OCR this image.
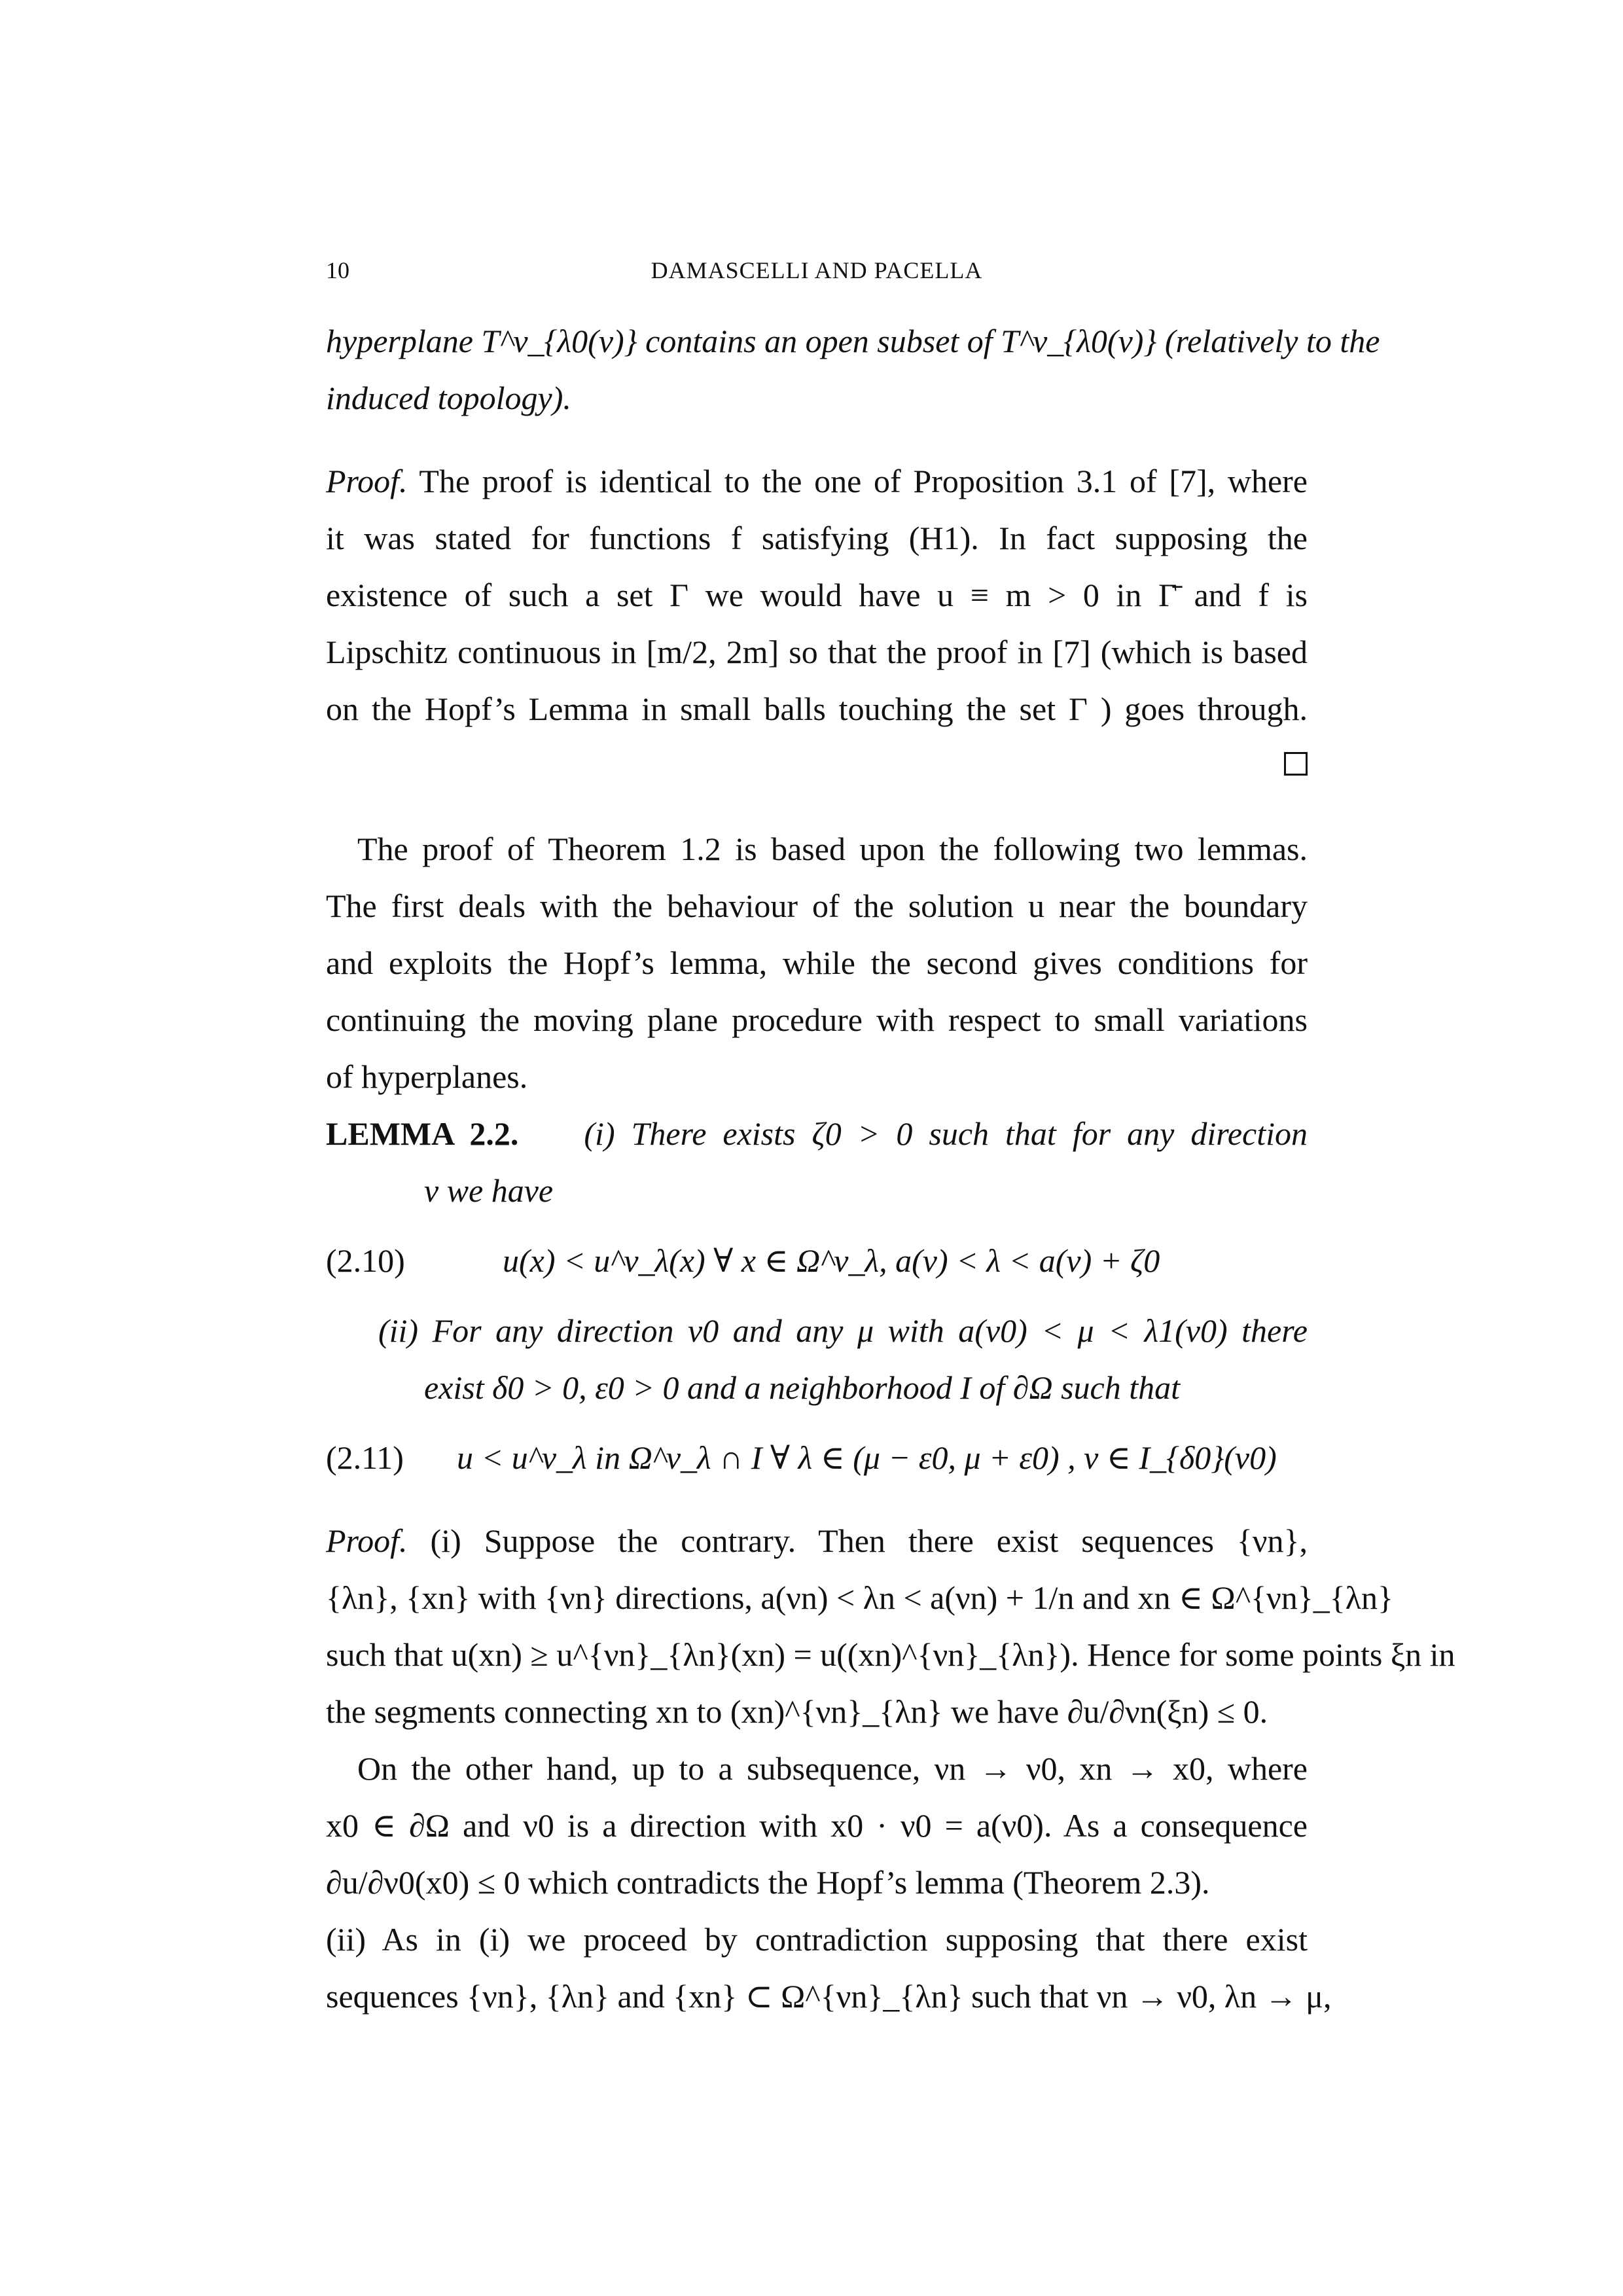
10	DAMASCELLI AND PACELLA
hyperplane T^ν_{λ0(ν)} contains an open subset of T^ν_{λ0(ν)} (relatively to the
induced topology).
Proof. The proof is identical to the one of Proposition 3.1 of [7], where
it was stated for functions f satisfying (H1). In fact supposing the
existence of such a set Γ we would have u ≡ m > 0 in Γ̄ and f is
Lipschitz continuous in [m/2, 2m] so that the proof in [7] (which is based
on the Hopf’s Lemma in small balls touching the set Γ ) goes through.
The proof of Theorem 1.2 is based upon the following two lemmas.
The first deals with the behaviour of the solution u near the boundary
and exploits the Hopf’s lemma, while the second gives conditions for
continuing the moving plane procedure with respect to small variations
of hyperplanes.
LEMMA 2.2. (i) There exists ζ0 > 0 such that for any direction
ν we have
(2.10)	u(x) < u^ν_λ(x) ∀ x ∈ Ω^ν_λ, a(ν) < λ < a(ν) + ζ0
(ii) For any direction ν0 and any μ with a(ν0) < μ < λ1(ν0) there
exist δ0 > 0, ε0 > 0 and a neighborhood I of ∂Ω such that
(2.11) u < u^ν_λ in Ω^ν_λ ∩ I ∀ λ ∈ (μ − ε0, μ + ε0) , ν ∈ I_{δ0}(ν0)
Proof. (i) Suppose the contrary. Then there exist sequences {νn},
{λn}, {xn} with {νn} directions, a(νn) < λn < a(νn) + 1/n and xn ∈ Ω^{νn}_{λn}
such that u(xn) ≥ u^{νn}_{λn}(xn) = u((xn)^{νn}_{λn}). Hence for some points ξn in
the segments connecting xn to (xn)^{νn}_{λn} we have ∂u/∂νn(ξn) ≤ 0.
On the other hand, up to a subsequence, νn → ν0, xn → x0, where
x0 ∈ ∂Ω and ν0 is a direction with x0 · ν0 = a(ν0). As a consequence
∂u/∂ν0(x0) ≤ 0 which contradicts the Hopf’s lemma (Theorem 2.3).
(ii) As in (i) we proceed by contradiction supposing that there exist
sequences {νn}, {λn} and {xn} ⊂ Ω^{νn}_{λn} such that νn → ν0, λn → μ,
